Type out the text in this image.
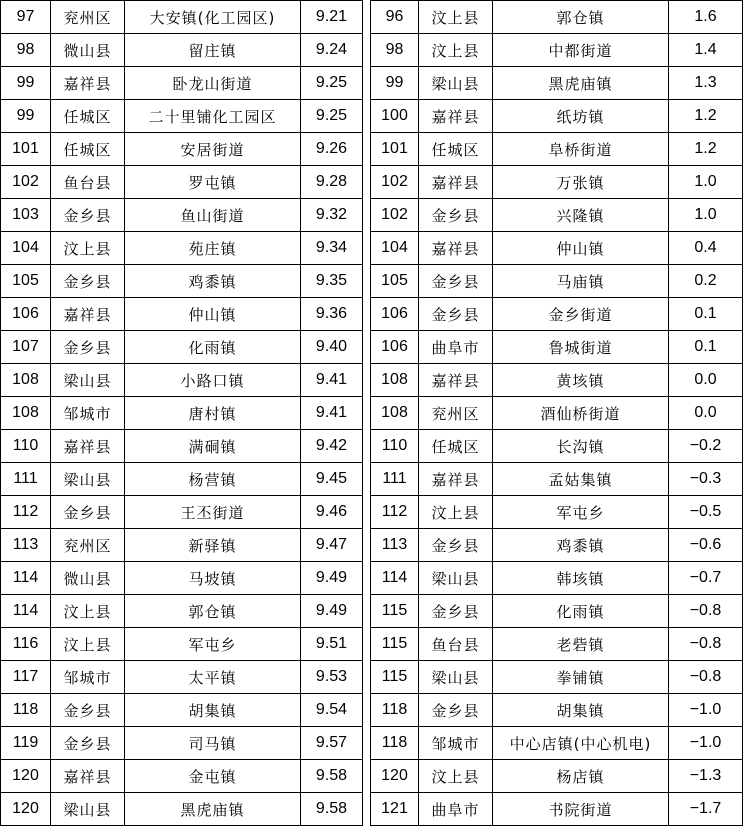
97	兖州区	大安镇(化工园区)	9.21
98	微山县	留庄镇	9.24
99	嘉祥县	卧龙山街道	9.25
99	任城区	二十里铺化工园区	9.25
101	任城区	安居街道	9.26
102	鱼台县	罗屯镇	9.28
103	金乡县	鱼山街道	9.32
104	汶上县	苑庄镇	9.34
105	金乡县	鸡黍镇	9.35
106	嘉祥县	仲山镇	9.36
107	金乡县	化雨镇	9.40
108	梁山县	小路口镇	9.41
108	邹城市	唐村镇	9.41
110	嘉祥县	满硐镇	9.42
111	梁山县	杨营镇	9.45
112	金乡县	王丕街道	9.46
113	兖州区	新驿镇	9.47
114	微山县	马坡镇	9.49
114	汶上县	郭仓镇	9.49
116	汶上县	军屯乡	9.51
117	邹城市	太平镇	9.53
118	金乡县	胡集镇	9.54
119	金乡县	司马镇	9.57
120	嘉祥县	金屯镇	9.58
120	梁山县	黑虎庙镇	9.58
96	汶上县	郭仓镇	1.6
98	汶上县	中都街道	1.4
99	梁山县	黑虎庙镇	1.3
100	嘉祥县	纸坊镇	1.2
101	任城区	阜桥街道	1.2
102	嘉祥县	万张镇	1.0
102	金乡县	兴隆镇	1.0
104	嘉祥县	仲山镇	0.4
105	金乡县	马庙镇	0.2
106	金乡县	金乡街道	0.1
106	曲阜市	鲁城街道	0.1
108	嘉祥县	黄垓镇	0.0
108	兖州区	酒仙桥街道	0.0
110	任城区	长沟镇	−0.2
111	嘉祥县	孟姑集镇	−0.3
112	汶上县	军屯乡	−0.5
113	金乡县	鸡黍镇	−0.6
114	梁山县	韩垓镇	−0.7
115	金乡县	化雨镇	−0.8
115	鱼台县	老砦镇	−0.8
115	梁山县	拳铺镇	−0.8
118	金乡县	胡集镇	−1.0
118	邹城市	中心店镇(中心机电)	−1.0
120	汶上县	杨店镇	−1.3
121	曲阜市	书院街道	−1.7
